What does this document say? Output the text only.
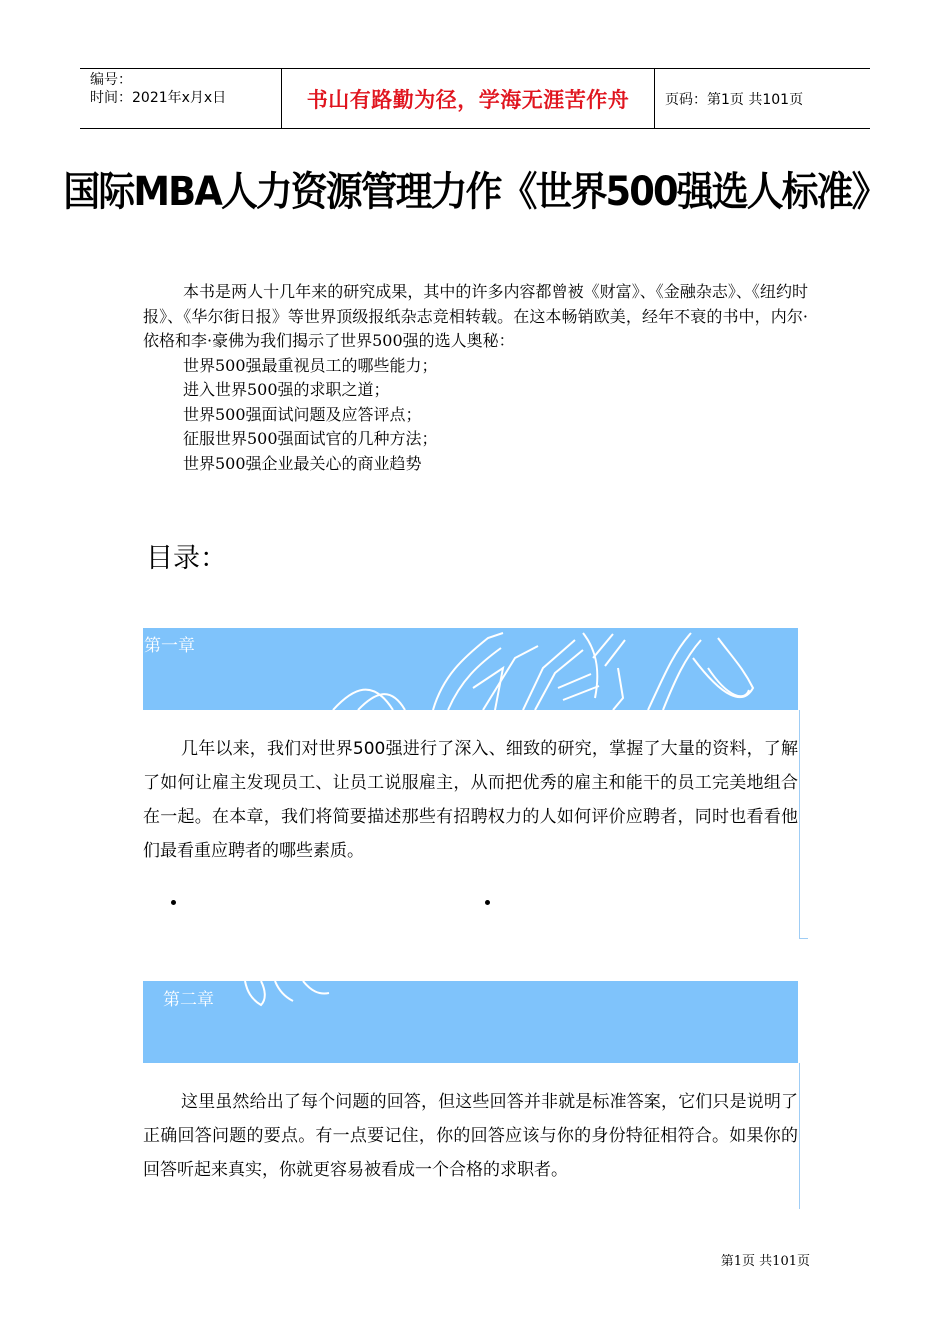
编号：
时间：2021年x月x日	书山有路勤为径，学海无涯苦作舟	页码：第1页 共101页
国际MBA人力资源管理力作《世界500强选人标准》

本书是两人十几年来的研究成果，其中的许多内容都曾被《财富》、《金融杂志》、《纽约时报》、《华尔街日报》等世界顶级报纸杂志竞相转载。在这本畅销欧美，经年不衰的书中，内尔·依格和李·豪佛为我们揭示了世界500强的选人奥秘：

世界500强最重视员工的哪些能力；

进入世界500强的求职之道；

世界500强面试问题及应答评点；

征服世界500强面试官的几种方法；

世界500强企业最关心的商业趋势

目录：
第一章

几年以来，我们对世界500强进行了深入、细致的研究，掌握了大量的资料，了解了如何让雇主发现员工、让员工说服雇主，从而把优秀的雇主和能干的员工完美地组合在一起。在本章，我们将简要描述那些有招聘权力的人如何评价应聘者，同时也看看他们最看重应聘者的哪些素质。

第二章

这里虽然给出了每个问题的回答，但这些回答并非就是标准答案，它们只是说明了正确回答问题的要点。有一点要记住，你的回答应该与你的身份特征相符合。如果你的回答听起来真实，你就更容易被看成一个合格的求职者。

第1页 共101页
